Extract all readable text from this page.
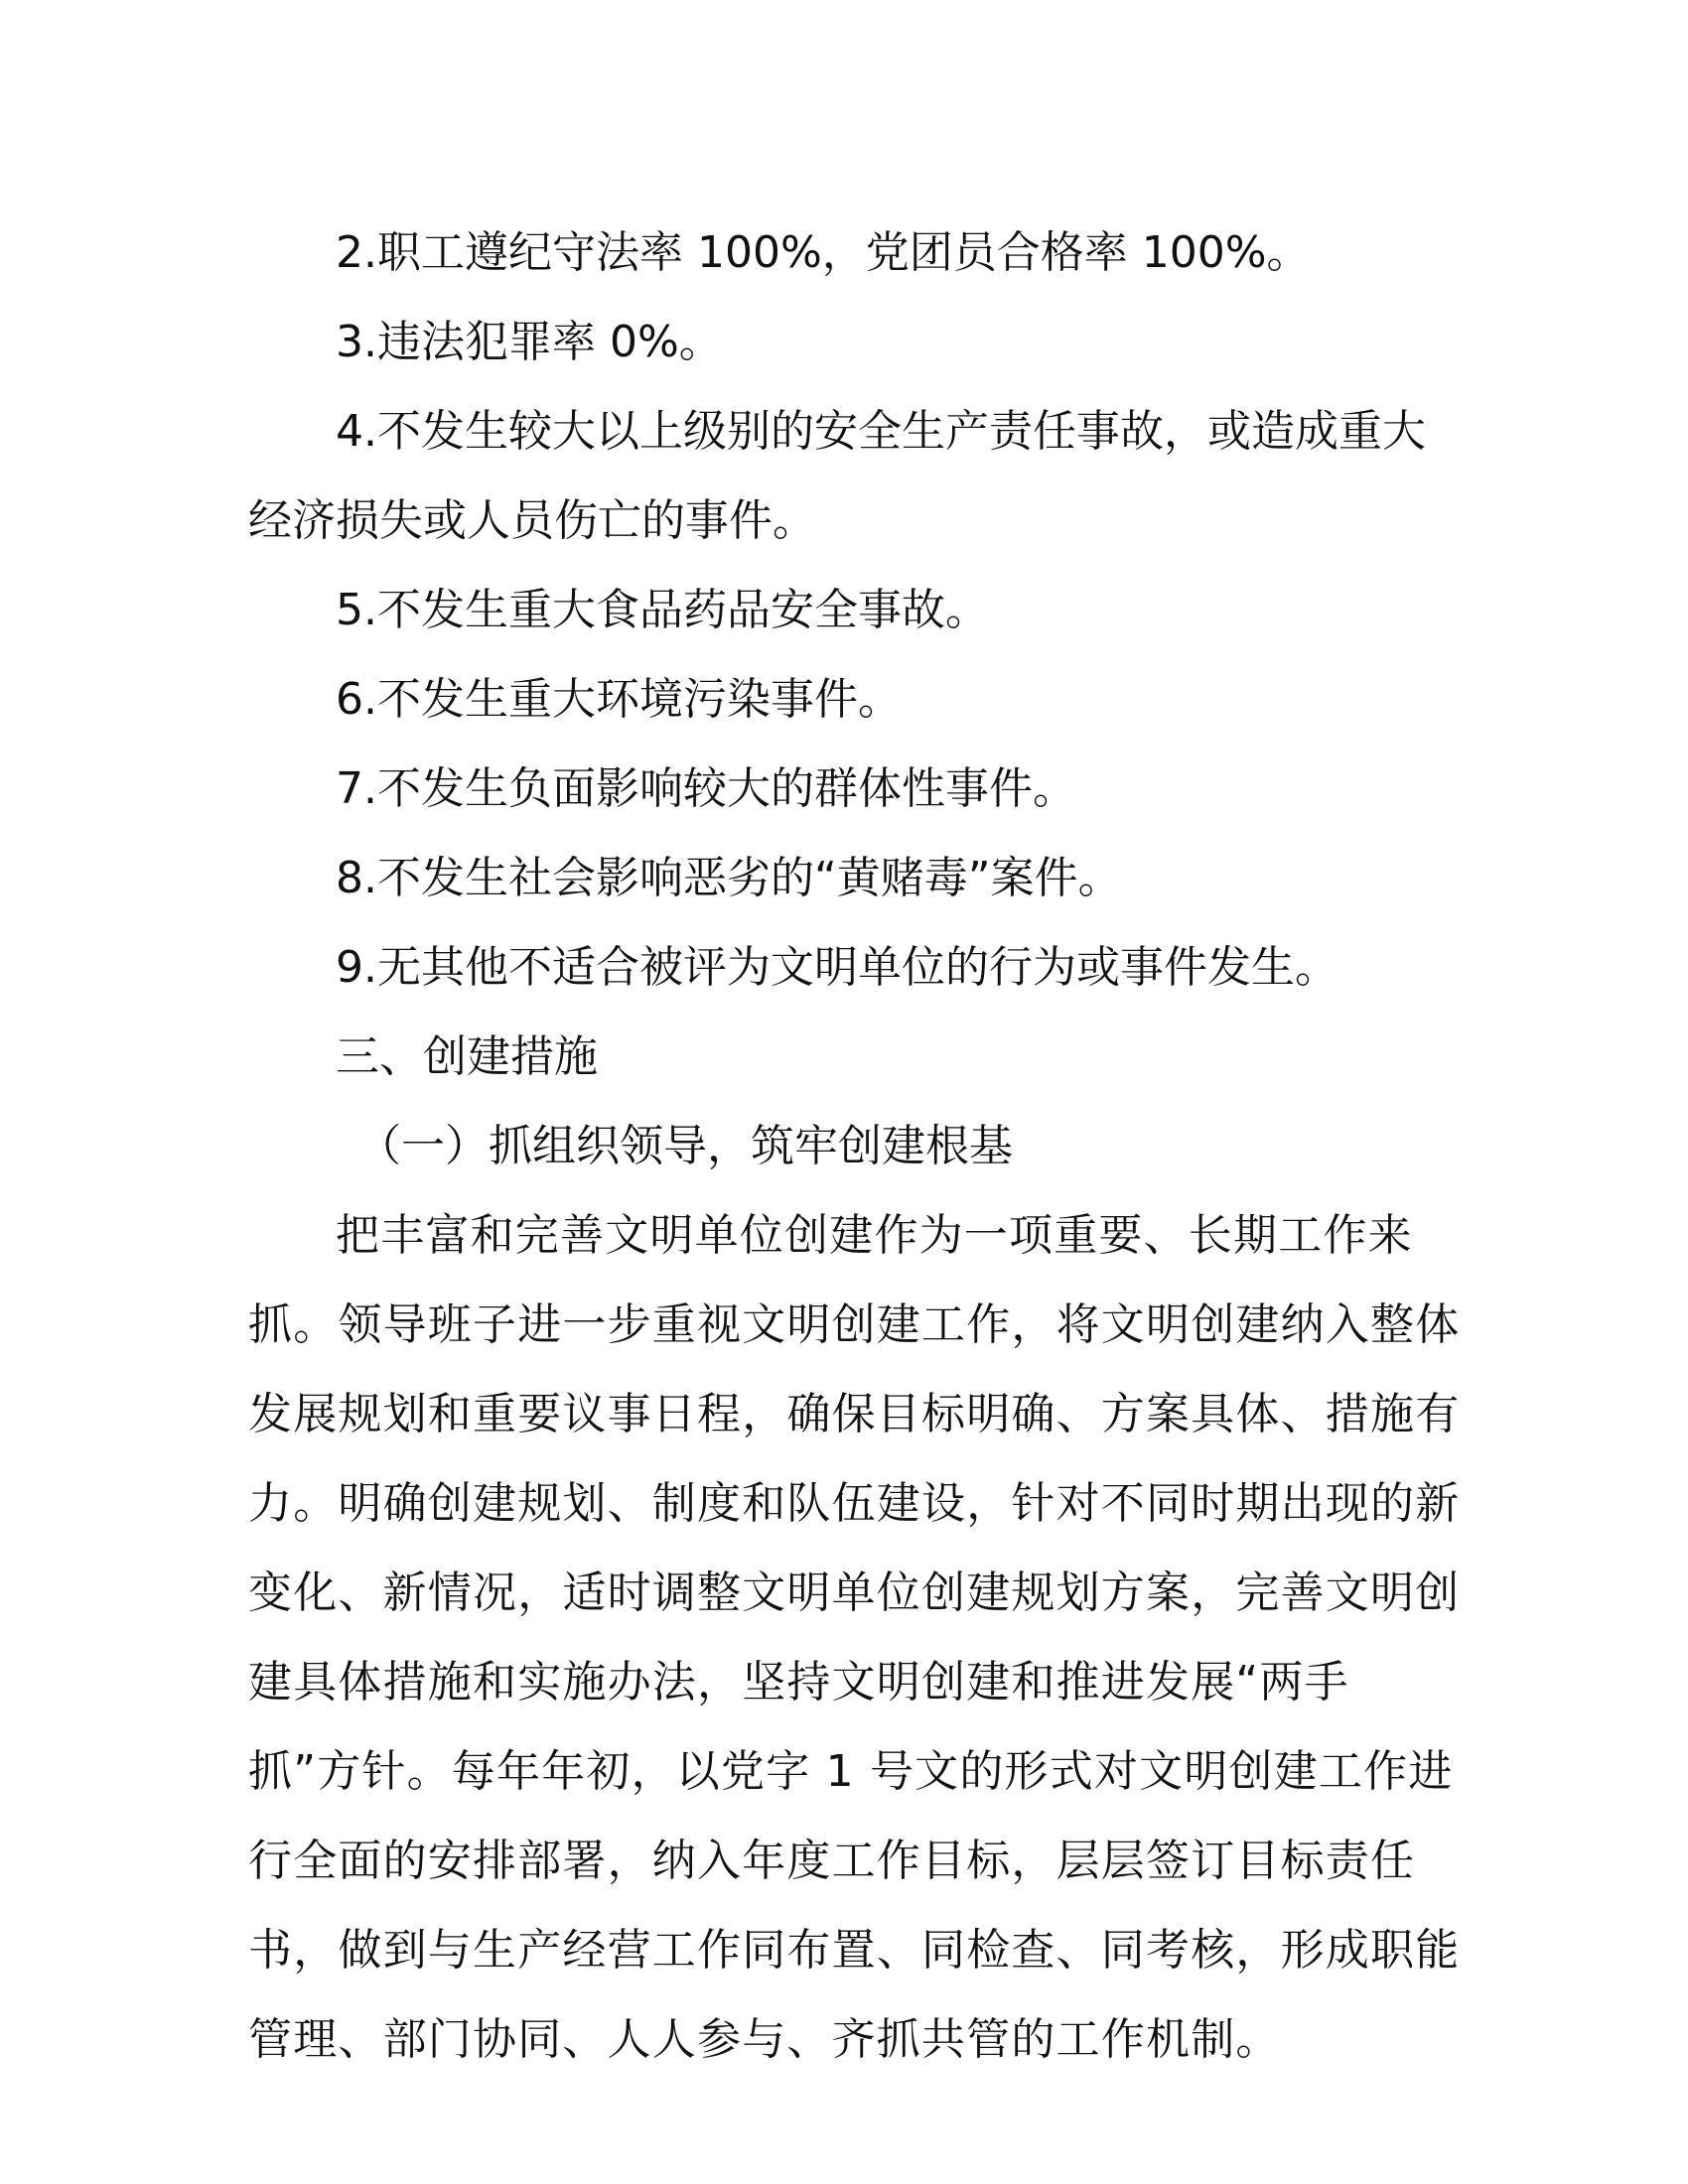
2.职工遵纪守法率 100%，党团员合格率 100%。

3.违法犯罪率 0%。

4.不发生较大以上级别的安全生产责任事故，或造成重大

经济损失或人员伤亡的事件。

5.不发生重大食品药品安全事故。

6.不发生重大环境污染事件。

7.不发生负面影响较大的群体性事件。

8.不发生社会影响恶劣的“黄赌毒”案件。

9.无其他不适合被评为文明单位的行为或事件发生。

三、创建措施

（一）抓组织领导，筑牢创建根基

把丰富和完善文明单位创建作为一项重要、长期工作来

抓。领导班子进一步重视文明创建工作，将文明创建纳入整体

发展规划和重要议事日程，确保目标明确、方案具体、措施有

力。明确创建规划、制度和队伍建设，针对不同时期出现的新

变化、新情况，适时调整文明单位创建规划方案，完善文明创

建具体措施和实施办法，坚持文明创建和推进发展“两手

抓”方针。每年年初，以党字 1 号文的形式对文明创建工作进

行全面的安排部署，纳入年度工作目标，层层签订目标责任

书，做到与生产经营工作同布置、同检查、同考核，形成职能

管理、部门协同、人人参与、齐抓共管的工作机制。
